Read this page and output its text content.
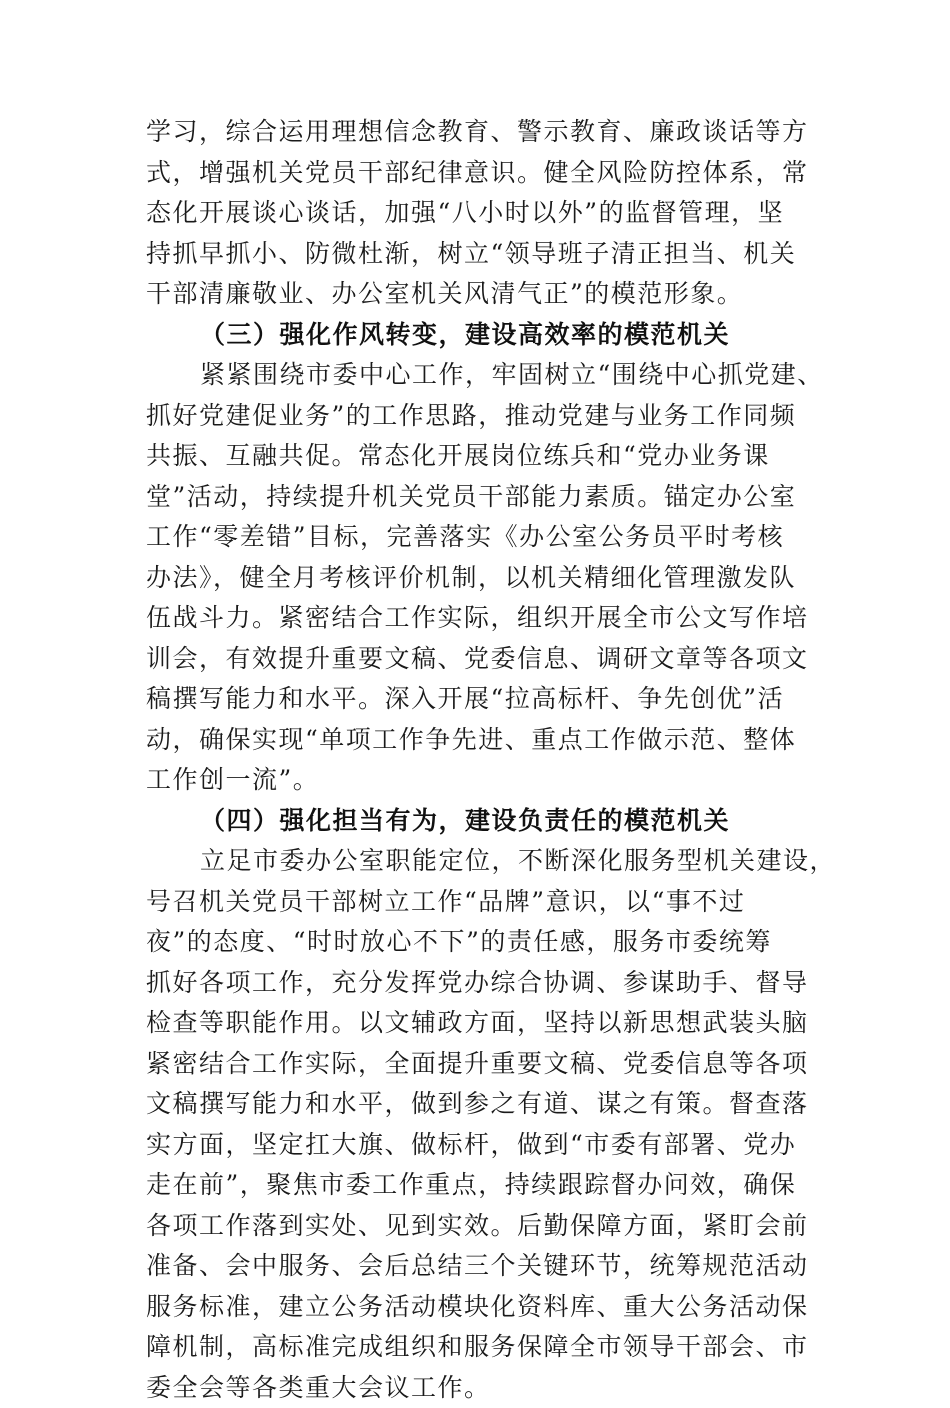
学习，综合运用理想信念教育、警示教育、廉政谈话等方
式，增强机关党员干部纪律意识。健全风险防控体系，常
态化开展谈心谈话，加强“八小时以外”的监督管理，坚
持抓早抓小、防微杜渐，树立“领导班子清正担当、机关
干部清廉敬业、办公室机关风清气正”的模范形象。
（三）强化作风转变，建设高效率的模范机关
紧紧围绕市委中心工作，牢固树立“围绕中心抓党建、
抓好党建促业务”的工作思路，推动党建与业务工作同频
共振、互融共促。常态化开展岗位练兵和“党办业务课
堂”活动，持续提升机关党员干部能力素质。锚定办公室
工作“零差错”目标，完善落实《办公室公务员平时考核
办法》，健全月考核评价机制，以机关精细化管理激发队
伍战斗力。紧密结合工作实际，组织开展全市公文写作培
训会，有效提升重要文稿、党委信息、调研文章等各项文
稿撰写能力和水平。深入开展“拉高标杆、争先创优”活
动，确保实现“单项工作争先进、重点工作做示范、整体
工作创一流”。
（四）强化担当有为，建设负责任的模范机关
立足市委办公室职能定位，不断深化服务型机关建设，
号召机关党员干部树立工作“品牌”意识，以“事不过
夜”的态度、“时时放心不下”的责任感，服务市委统筹
抓好各项工作，充分发挥党办综合协调、参谋助手、督导
检查等职能作用。以文辅政方面，坚持以新思想武装头脑
紧密结合工作实际，全面提升重要文稿、党委信息等各项
文稿撰写能力和水平，做到参之有道、谋之有策。督查落
实方面，坚定扛大旗、做标杆，做到“市委有部署、党办
走在前”，聚焦市委工作重点，持续跟踪督办问效，确保
各项工作落到实处、见到实效。后勤保障方面，紧盯会前
准备、会中服务、会后总结三个关键环节，统筹规范活动
服务标准，建立公务活动模块化资料库、重大公务活动保
障机制，高标准完成组织和服务保障全市领导干部会、市
委全会等各类重大会议工作。
